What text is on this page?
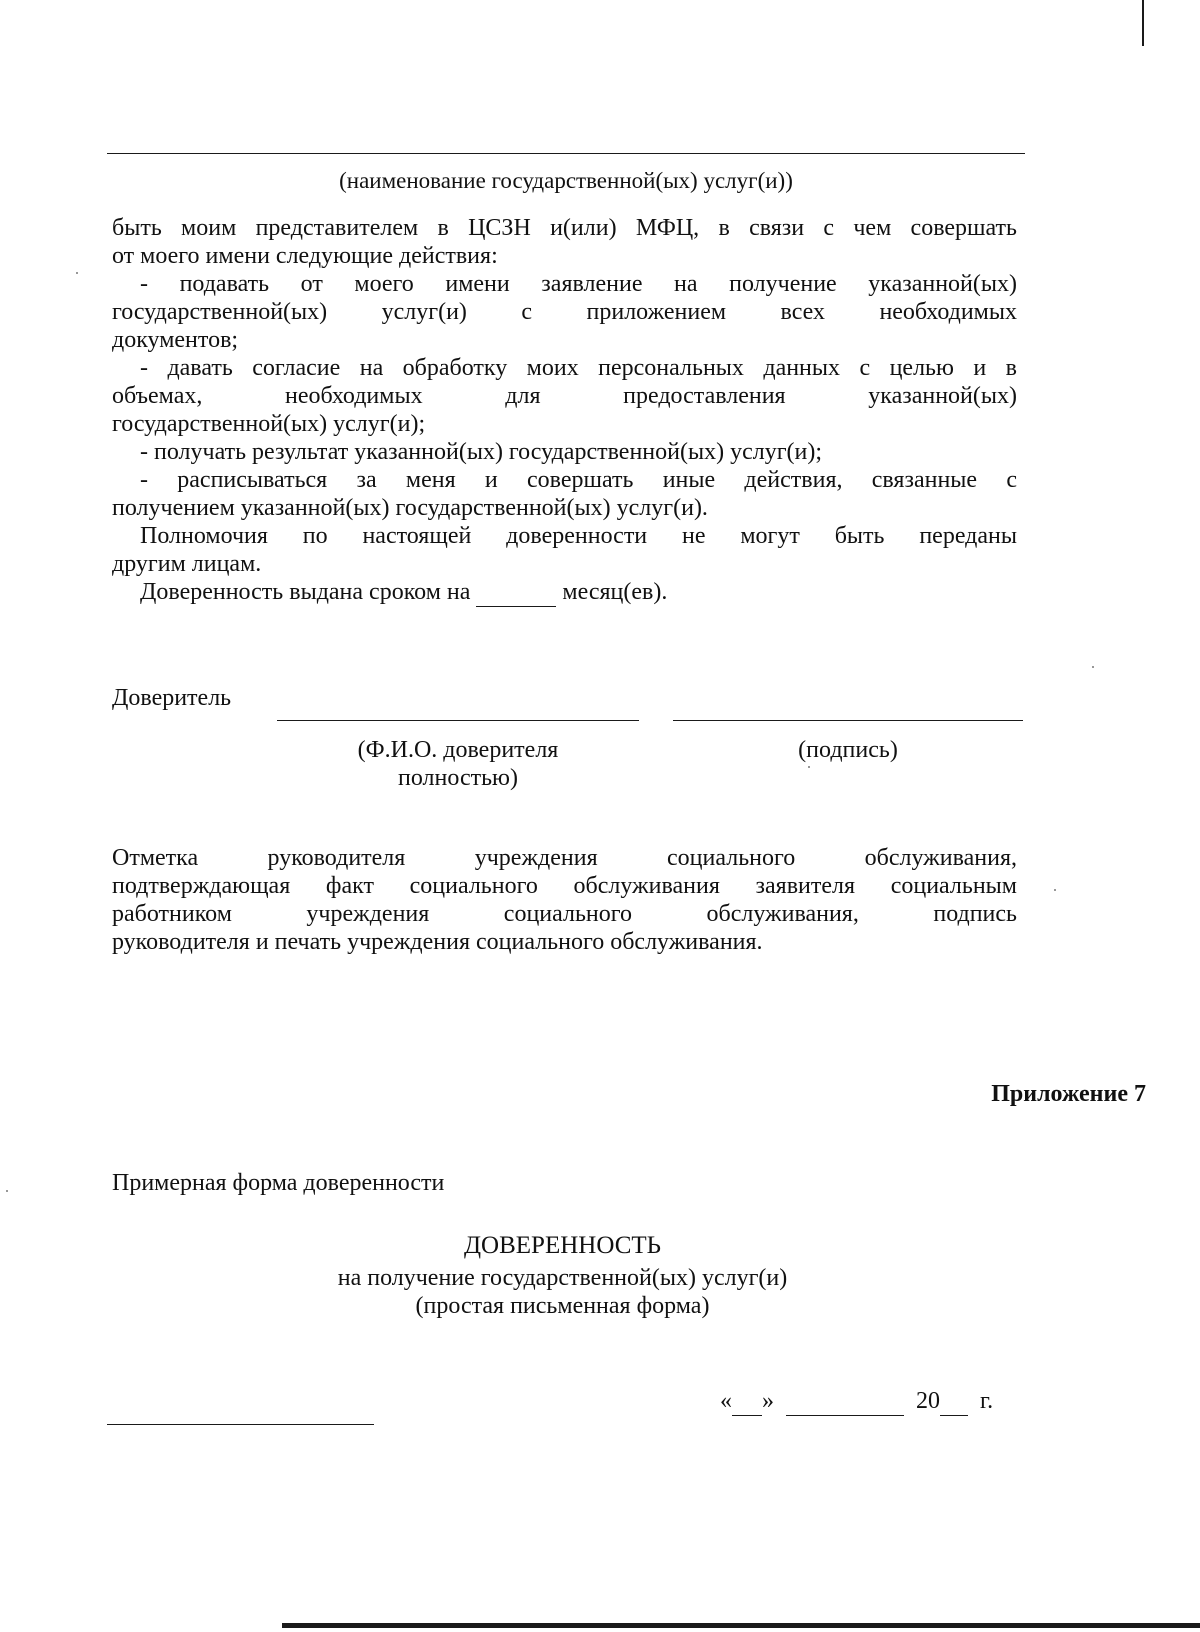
(наименование государственной(ых) услуг(и))
быть моим представителем в ЦСЗН и(или) МФЦ, в связи с чем совершать
от моего имени следующие действия:
- подавать от моего имени заявление на получение указанной(ых)
государственной(ых) услуг(и) с приложением всех необходимых
документов;
- давать согласие на обработку моих персональных данных с целью и в
объемах, необходимых для предоставления указанной(ых)
государственной(ых) услуг(и);
- получать результат указанной(ых) государственной(ых) услуг(и);
- расписываться за меня и совершать иные действия, связанные с
получением указанной(ых) государственной(ых) услуг(и).
Полномочия по настоящей доверенности не могут быть переданы
другим лицам.
Доверенность выдана сроком на	месяц(ев).
Доверитель
(Ф.И.О. доверителя
полностью)
(подпись)
Отметка руководителя учреждения социального обслуживания,
подтверждающая факт социального обслуживания заявителя социальным
работником учреждения социального обслуживания, подпись
руководителя и печать учреждения социального обслуживания.
Приложение 7
Примерная форма доверенности
ДОВЕРЕННОСТЬ
на получение государственной(ых) услуг(и)
(простая письменная форма)
« »	20 г.
